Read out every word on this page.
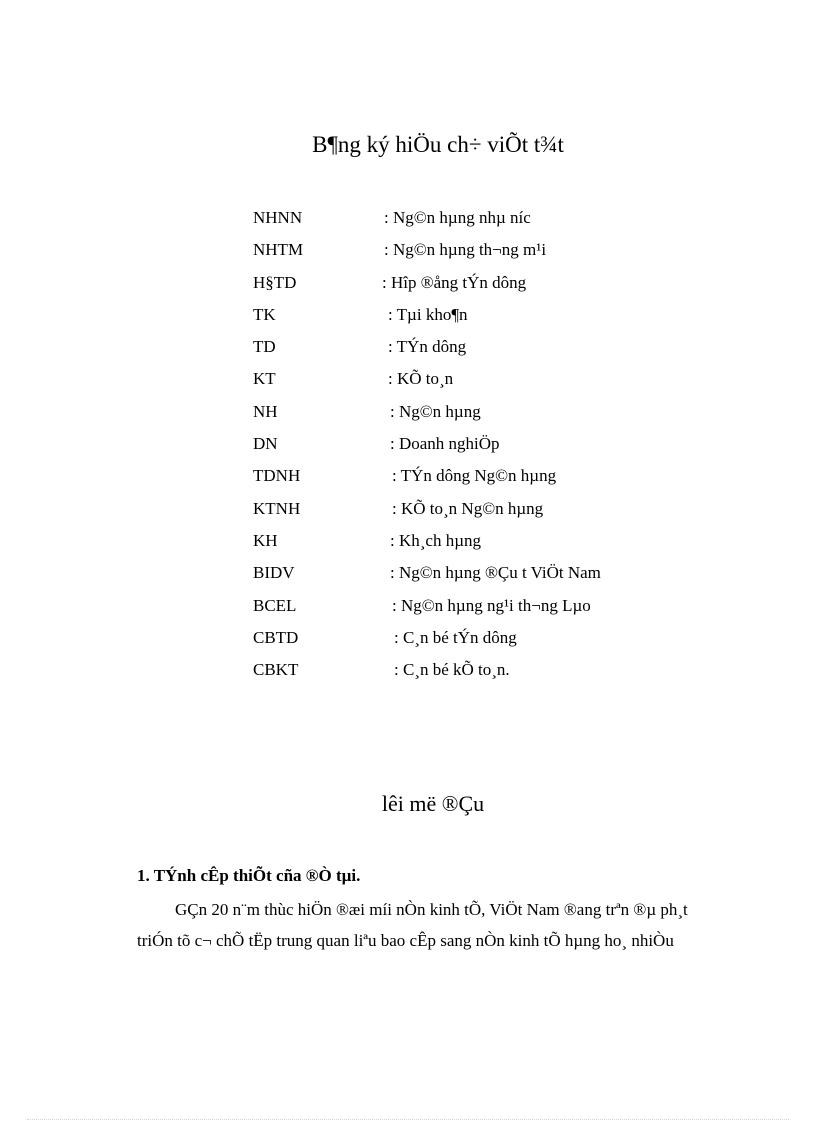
B¶ng ký hiÖu ch÷ viÕt t¾t
NHNN	: Ng©n hµng nhµ níc
NHTM	: Ng©n hµng th¬ng m¹i
H§TD	: Hîp ®ång tÝn dông
TK	: Tµi kho¶n
TD	: TÝn dông
KT	: KÕ to¸n
NH	: Ng©n hµng
DN	: Doanh nghiÖp
TDNH	: TÝn dông Ng©n hµng
KTNH	: KÕ to¸n Ng©n hµng
KH	: Kh¸ch hµng
BIDV	: Ng©n hµng ®Çu t ViÖt Nam
BCEL	: Ng©n hµng ng¹i th¬ng Lµo
CBTD	: C¸n bé tÝn dông
CBKT	: C¸n bé kÕ to¸n.
lêi më ®Çu
1. TÝnh cÊp thiÕt cña ®Ò tµi.

GÇn 20 n¨m thùc hiÖn ®æi míi nÒn kinh tÕ, ViÖt Nam ®ang trªn ®µ ph¸t

triÓn tõ c¬ chÕ tËp trung quan liªu bao cÊp sang nÒn kinh tÕ hµng ho¸ nhiÒu
